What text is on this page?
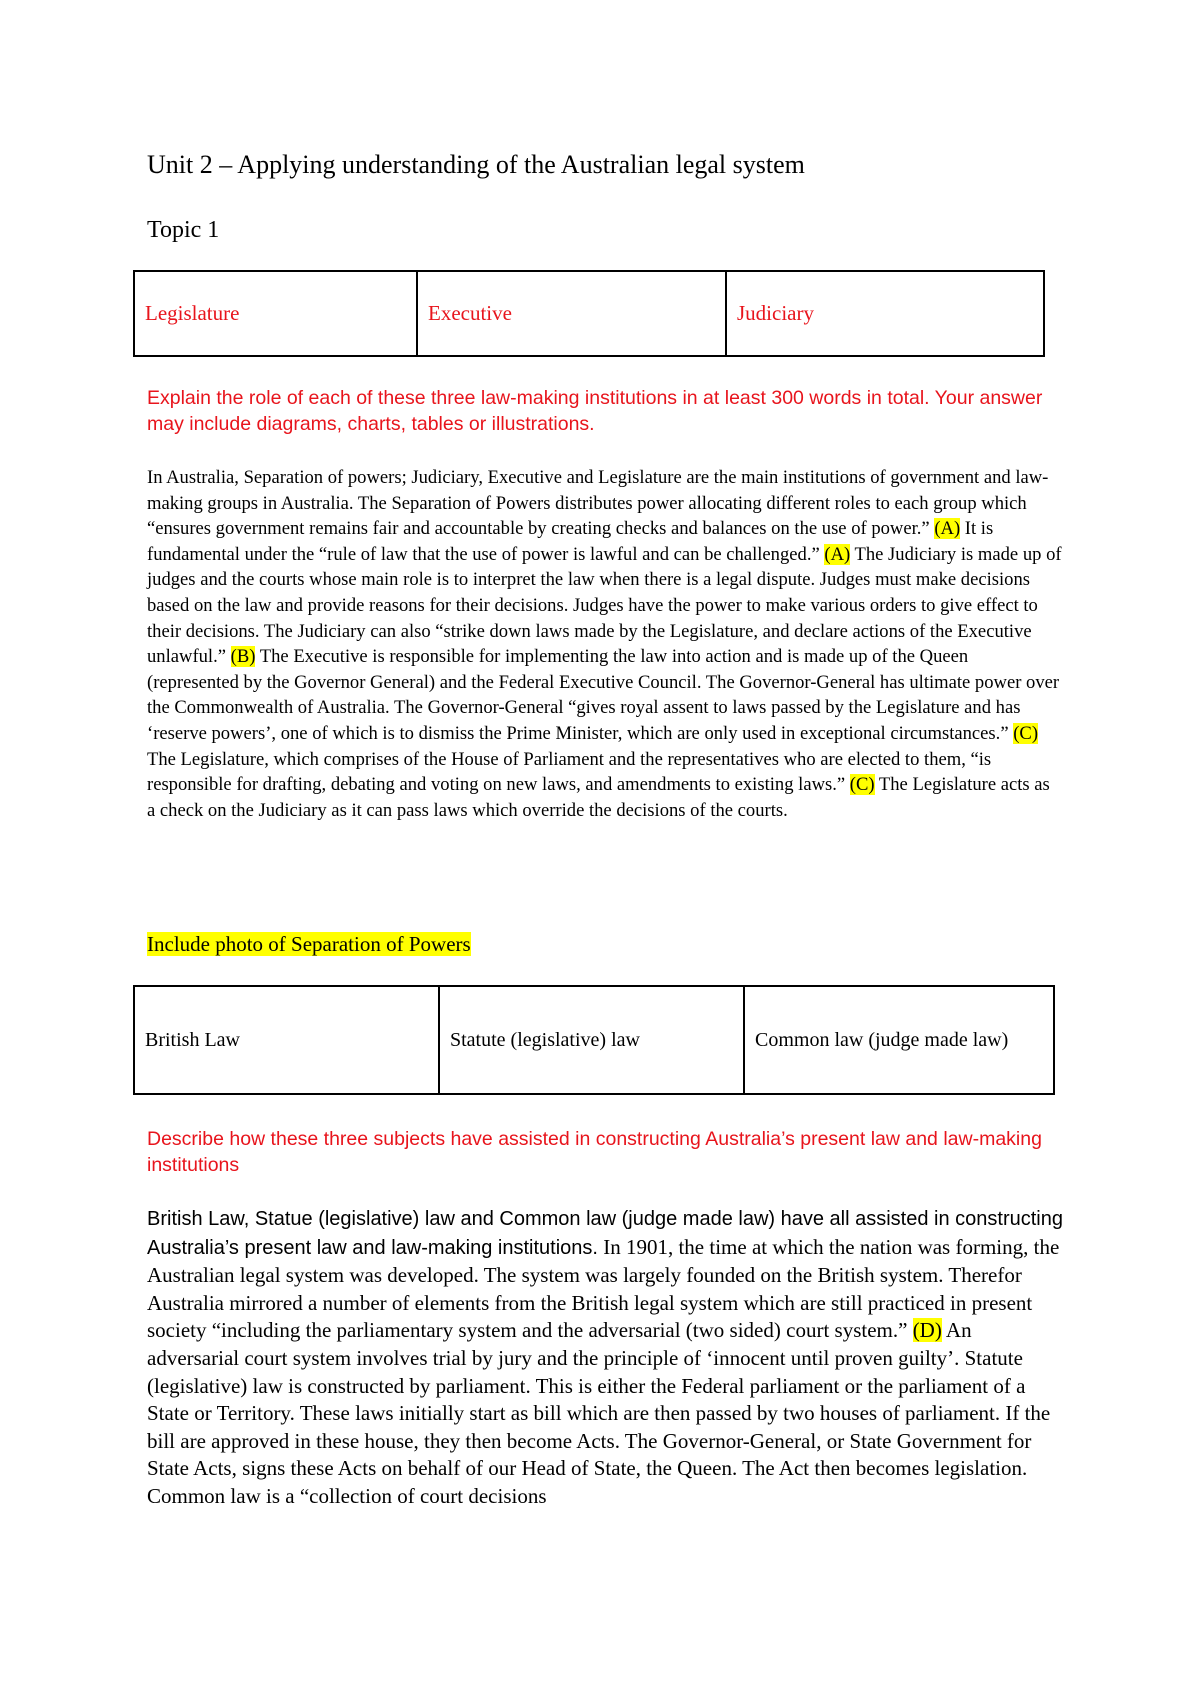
Unit 2 – Applying understanding of the Australian legal system
Topic 1
Legislature	Executive	Judiciary
Explain the role of each of these three law-making institutions in at least 300 words in total. Your answer may include diagrams, charts, tables or illustrations.
In Australia, Separation of powers; Judiciary, Executive and Legislature are the main institutions of government and law-making groups in Australia. The Separation of Powers distributes power allocating different roles to each group which “ensures government remains fair and accountable by creating checks and balances on the use of power.” (A) It is fundamental under the “rule of law that the use of power is lawful and can be challenged.” (A) The Judiciary is made up of judges and the courts whose main role is to interpret the law when there is a legal dispute. Judges must make decisions based on the law and provide reasons for their decisions. Judges have the power to make various orders to give effect to their decisions. The Judiciary can also “strike down laws made by the Legislature, and declare actions of the Executive unlawful.” (B) The Executive is responsible for implementing the law into action and is made up of the Queen (represented by the Governor General) and the Federal Executive Council. The Governor-General has ultimate power over the Commonwealth of Australia. The Governor-General “gives royal assent to laws passed by the Legislature and has ‘reserve powers’, one of which is to dismiss the Prime Minister, which are only used in exceptional circumstances.” (C) The Legislature, which comprises of the House of Parliament and the representatives who are elected to them, “is responsible for drafting, debating and voting on new laws, and amendments to existing laws.” (C) The Legislature acts as a check on the Judiciary as it can pass laws which override the decisions of the courts.
Include photo of Separation of Powers
British Law	Statute (legislative) law	Common law (judge made law)
Describe how these three subjects have assisted in constructing Australia’s present law and law-making institutions
British Law, Statue (legislative) law and Common law (judge made law) have all assisted in constructing Australia’s present law and law-making institutions. In 1901, the time at which the nation was forming, the Australian legal system was developed. The system was largely founded on the British system. Therefor Australia mirrored a number of elements from the British legal system which are still practiced in present society “including the parliamentary system and the adversarial (two sided) court system.” (D) An adversarial court system involves trial by jury and the principle of ‘innocent until proven guilty’. Statute (legislative) law is constructed by parliament. This is either the Federal parliament or the parliament of a State or Territory. These laws initially start as bill which are then passed by two houses of parliament. If the bill are approved in these house, they then become Acts. The Governor-General, or State Government for State Acts, signs these Acts on behalf of our Head of State, the Queen. The Act then becomes legislation. Common law is a “collection of court decisions
